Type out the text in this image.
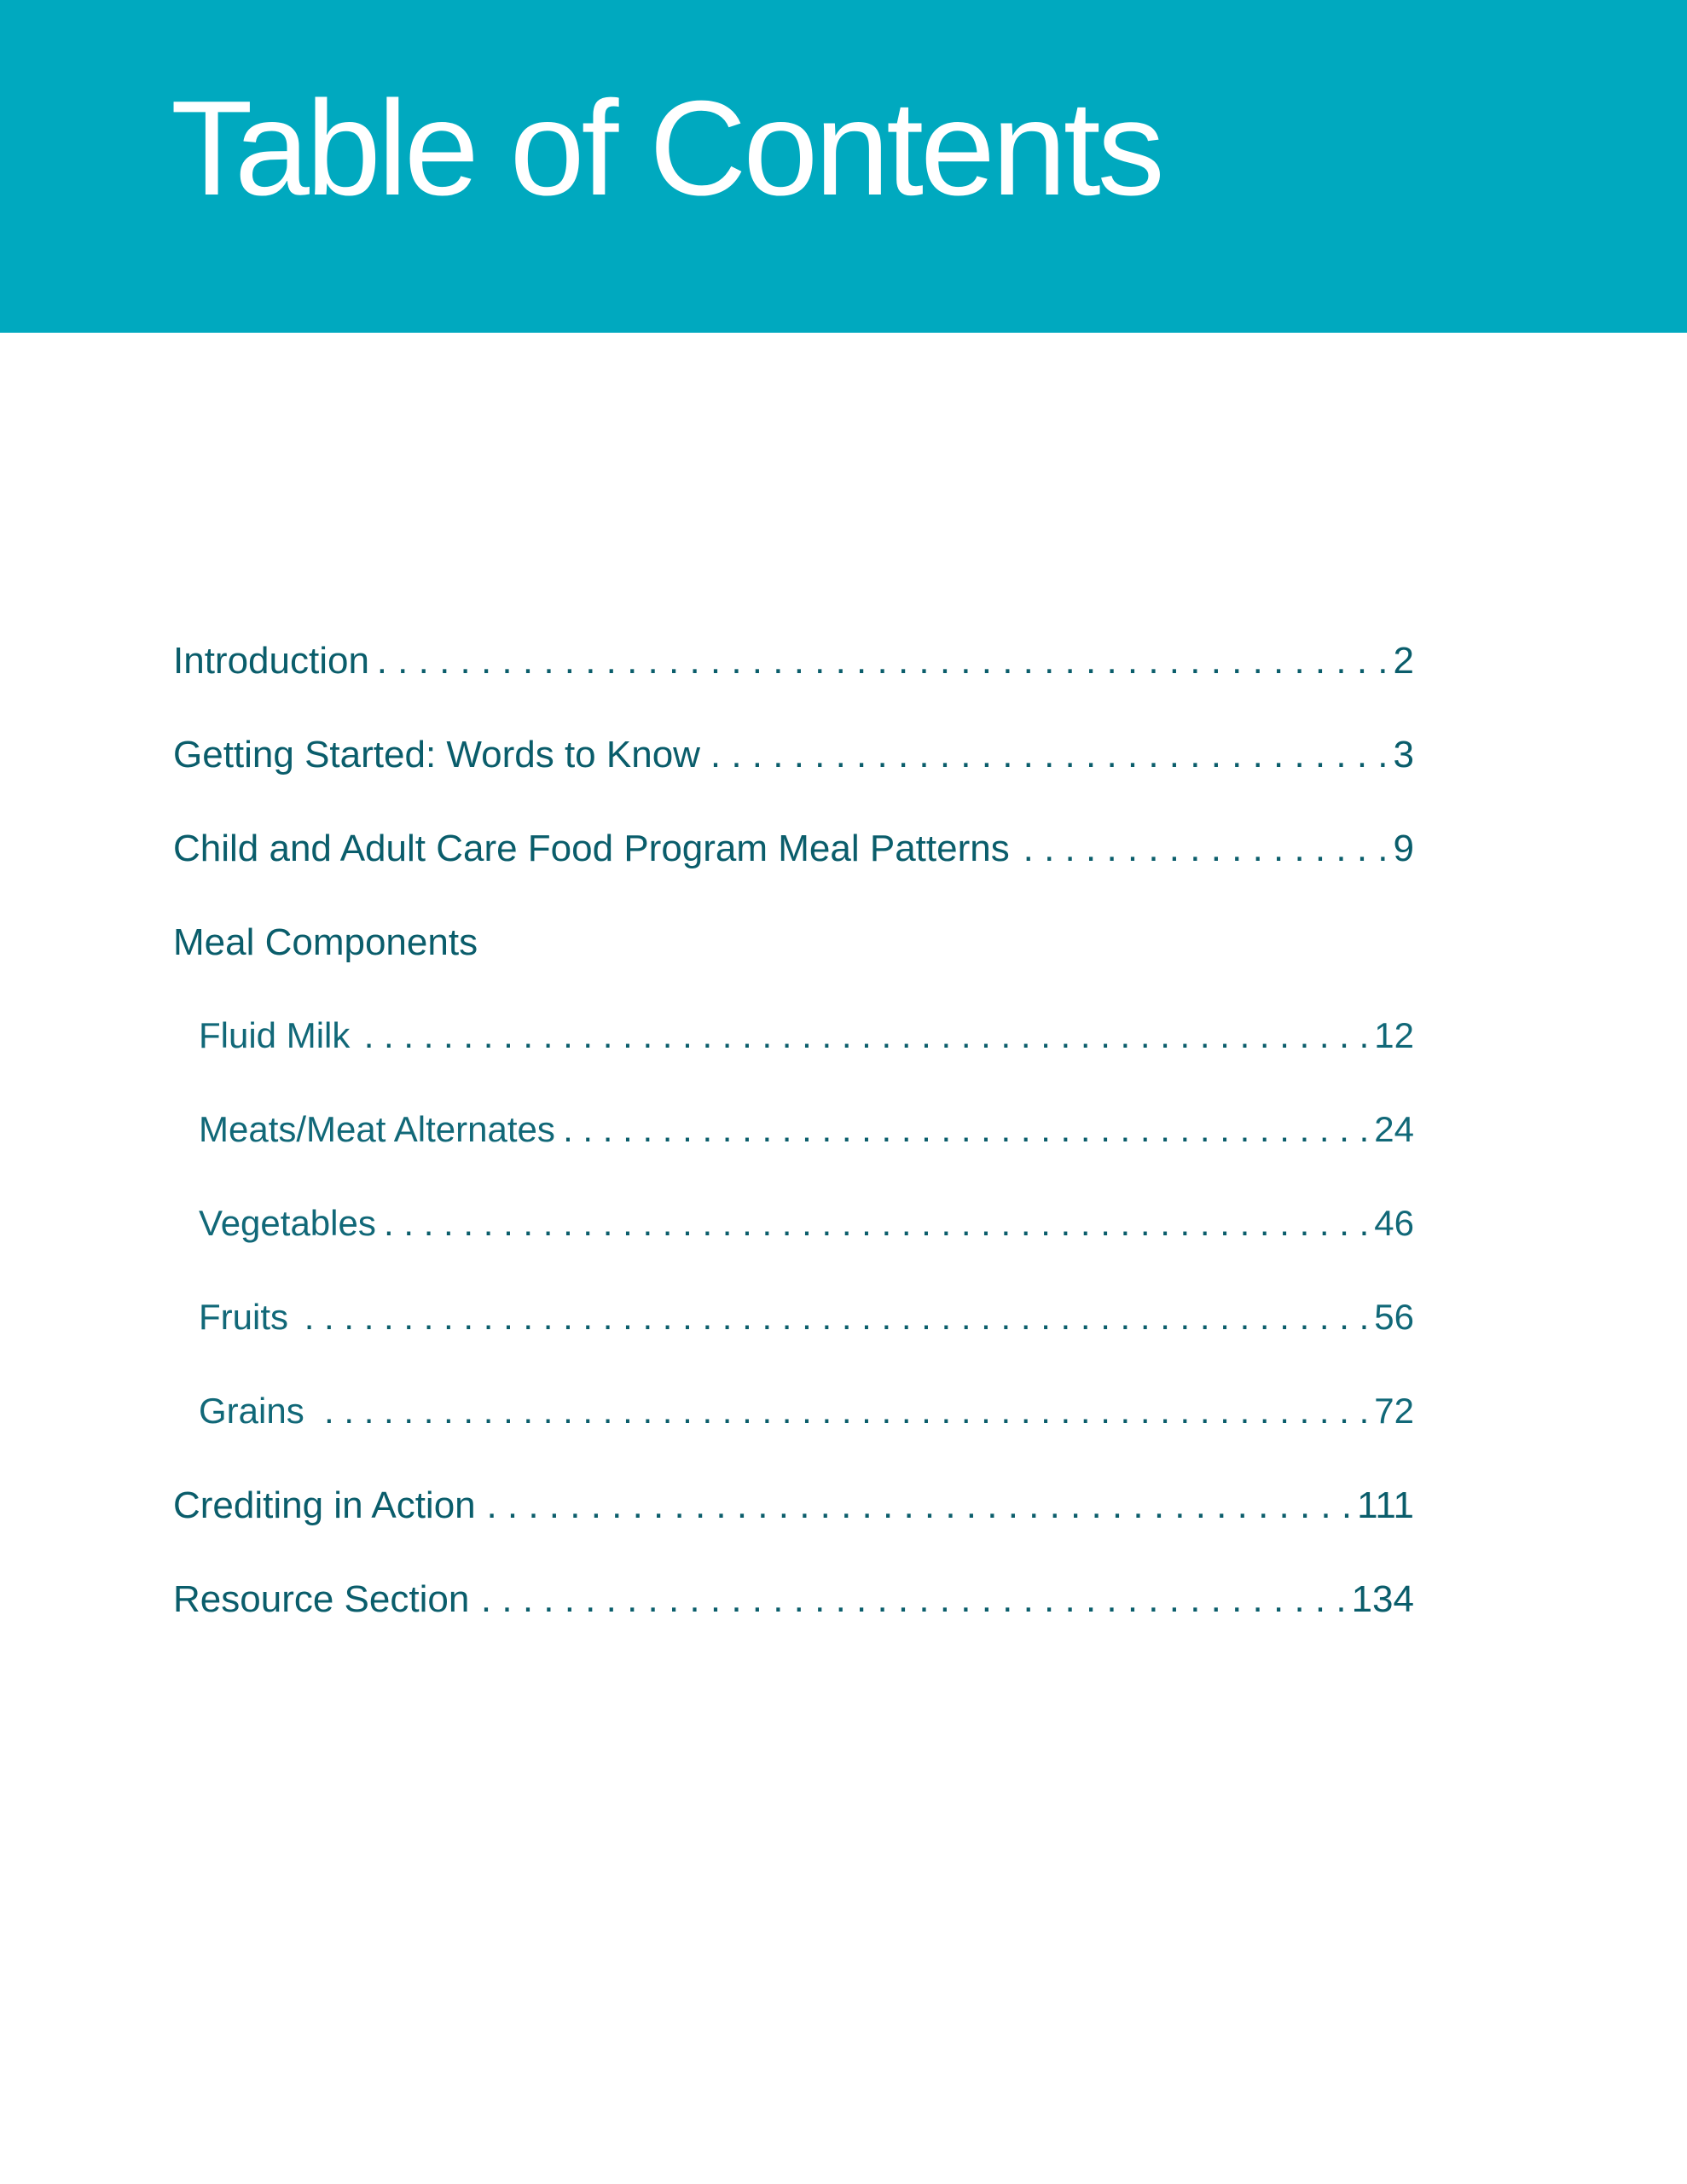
Table of Contents
Introduction . . .	2
Getting Started: Words to Know . . .	3
Child and Adult Care Food Program Meal Patterns . . .	9
Meal Components
Fluid Milk . . .	12
Meats/Meat Alternates . . .	24
Vegetables . . .	46
Fruits . . .	56
Grains . . .	72
Crediting in Action . . .	111
Resource Section . . .	134
